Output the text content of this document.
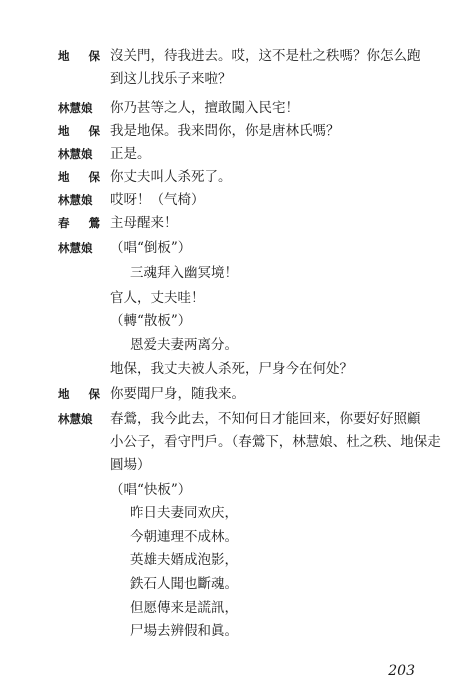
地 保 沒关門，待我进去。哎，这不是杜之秩嗎？你怎么跑
到这儿找乐子来啦？
林慧娘	你乃甚等之人，擅敢闖入民宅！
地 保 我是地保。我来問你，你是唐林氏嗎？
林慧娘	正是。
地 保 你丈夫叫人杀死了。
林慧娘	哎呀！（气椅）
春 鶯 主母醒来！
林慧娘	（唱“倒板”）
三魂拜入幽冥境！
官人，丈夫哇！
（轉“散板”）
恩爱夫妻两离分。
地保，我丈夫被人杀死，尸身今在何处？
地 保 你要聞尸身，随我来。
林慧娘	春鶯，我今此去，不知何日才能回来，你要好好照顧
小公子，看守門戶。（春鶯下，林慧娘、杜之秩、地保走
圓場）
（唱“快板”）
昨日夫妻同欢庆，
今朝連理不成林。
英雄夫婿成泡影，
鉄石人聞也斷魂。
但愿傳来是謊訊，
尸場去辨假和眞。
203
